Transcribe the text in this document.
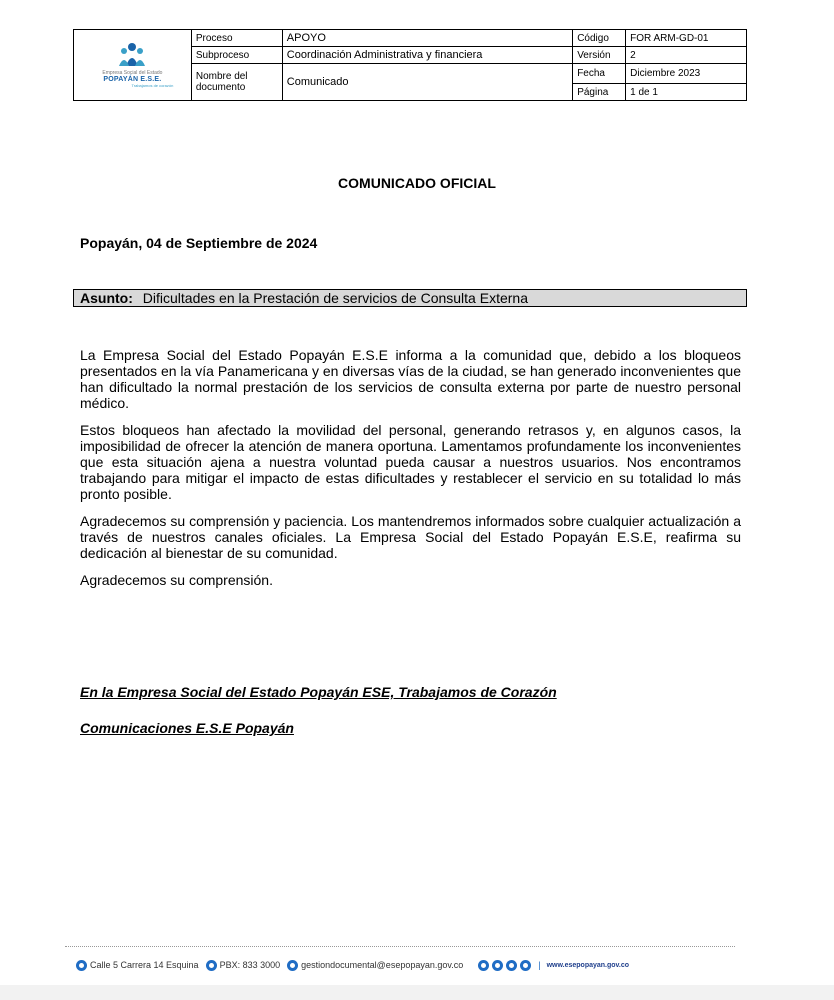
Empresa Social del Estado
POPAYÁN E.S.E.
Trabajamos de corazón	Proceso	APOYO	Código	FOR ARM-GD-01
	Subproceso	Coordinación Administrativa y financiera	Versión	2
	Nombre del documento	Comunicado	Fecha	Diciembre 2023
			Página	1 de 1
COMUNICADO OFICIAL
Popayán, 04 de Septiembre de 2024
Asunto: Dificultades en la Prestación de servicios de Consulta Externa

La Empresa Social del Estado Popayán E.S.E informa a la comunidad que, debido a los bloqueos presentados en la vía Panamericana y en diversas vías de la ciudad, se han generado inconvenientes que han dificultado la normal prestación de los servicios de consulta externa por parte de nuestro personal médico.

Estos bloqueos han afectado la movilidad del personal, generando retrasos y, en algunos casos, la imposibilidad de ofrecer la atención de manera oportuna. Lamentamos profundamente los inconvenientes que esta situación ajena a nuestra voluntad pueda causar a nuestros usuarios. Nos encontramos trabajando para mitigar el impacto de estas dificultades y restablecer el servicio en su totalidad lo más pronto posible.

Agradecemos su comprensión y paciencia. Los mantendremos informados sobre cualquier actualización a través de nuestros canales oficiales. La Empresa Social del Estado Popayán E.S.E, reafirma su dedicación al bienestar de su comunidad.

Agradecemos su comprensión.

En la Empresa Social del Estado Popayán ESE, Trabajamos de Corazón
Comunicaciones E.S.E Popayán
Calle 5 Carrera 14 Esquina PBX: 833 3000 gestiondocumental@esepopayan.gov.co	| www.esepopayan.gov.co
